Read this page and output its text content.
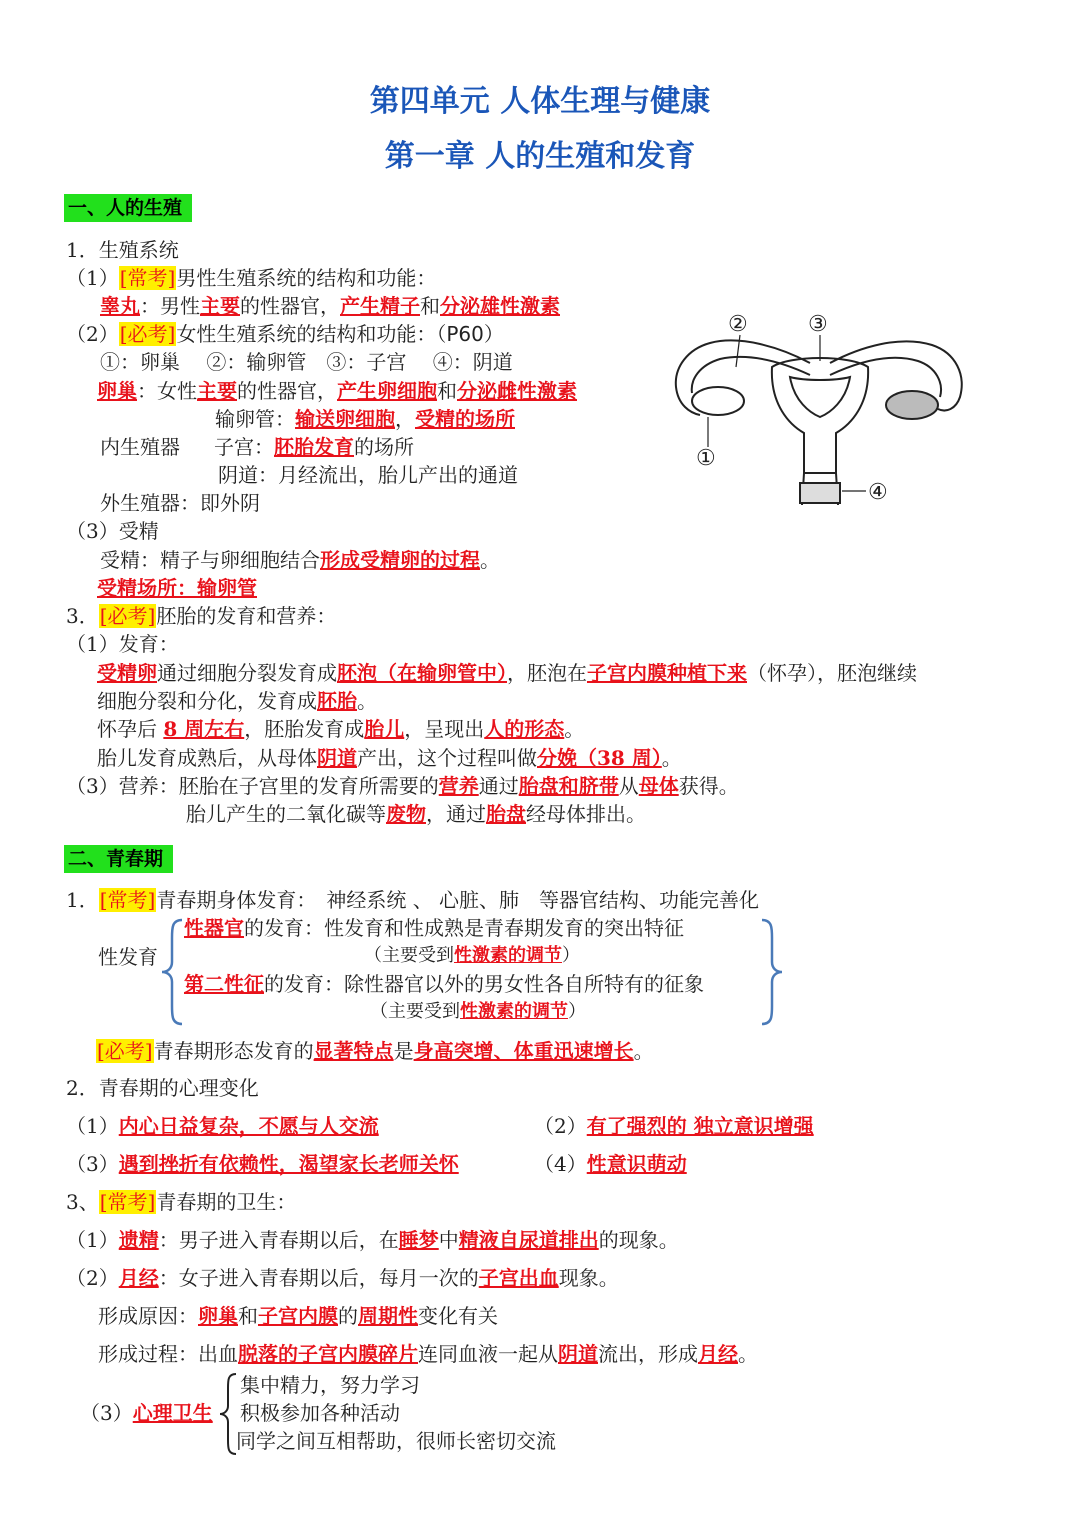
第四单元 人体生理与健康
第一章 人的生殖和发育
一、人的生殖
1．生殖系统
（1）[常考]男性生殖系统的结构和功能：
睾丸：男性主要的性器官，产生精子和分泌雄性激素
（2）[必考]女性生殖系统的结构和功能：（P60）
①：卵巢　 ②：输卵管　③：子宫　 ④：阴道
卵巢：女性主要的性器官，产生卵细胞和分泌雌性激素
输卵管：输送卵细胞，受精的场所
内生殖器 子宫：胚胎发育的场所
阴道：月经流出，胎儿产出的通道
外生殖器：即外阴
（3）受精
受精：精子与卵细胞结合形成受精卵的过程。
受精场所：输卵管
3．[必考]胚胎的发育和营养：
（1）发育：
受精卵通过细胞分裂发育成胚泡（在输卵管中），胚泡在子宫内膜种植下来（怀孕），胚泡继续
细胞分裂和分化，发育成胚胎。
怀孕后 8 周左右，胚胎发育成胎儿，呈现出人的形态。
胎儿发育成熟后，从母体阴道产出，这个过程叫做分娩（38 周）。
（3）营养：胚胎在子宫里的发育所需要的营养通过胎盘和脐带从母体获得。
胎儿产生的二氧化碳等废物，通过胎盘经母体排出。
①
②	③
④
二、青春期
1．[常考]青春期身体发育：　神经系统 、 心脏、肺　等器官结构、功能完善化
性发育
性器官的发育：性发育和性成熟是青春期发育的突出特征
（主要受到性激素的调节）
第二性征的发育：除性器官以外的男女性各自所特有的征象
（主要受到性激素的调节）
[必考]青春期形态发育的显著特点是身高突增、体重迅速增长。
2．青春期的心理变化
（1）内心日益复杂，不愿与人交流	（2）有了强烈的 独立意识增强
（3）遇到挫折有依赖性，渴望家长老师关怀	（4）性意识萌动
3、[常考]青春期的卫生：
（1）遗精：男子进入青春期以后，在睡梦中精液自尿道排出的现象。
（2）月经：女子进入青春期以后，每月一次的子宫出血现象。
形成原因：卵巢和子宫内膜的周期性变化有关
形成过程：出血脱落的子宫内膜碎片连同血液一起从阴道流出，形成月经。
（3）心理卫生
集中精力，努力学习
积极参加各种活动
同学之间互相帮助，很师长密切交流
